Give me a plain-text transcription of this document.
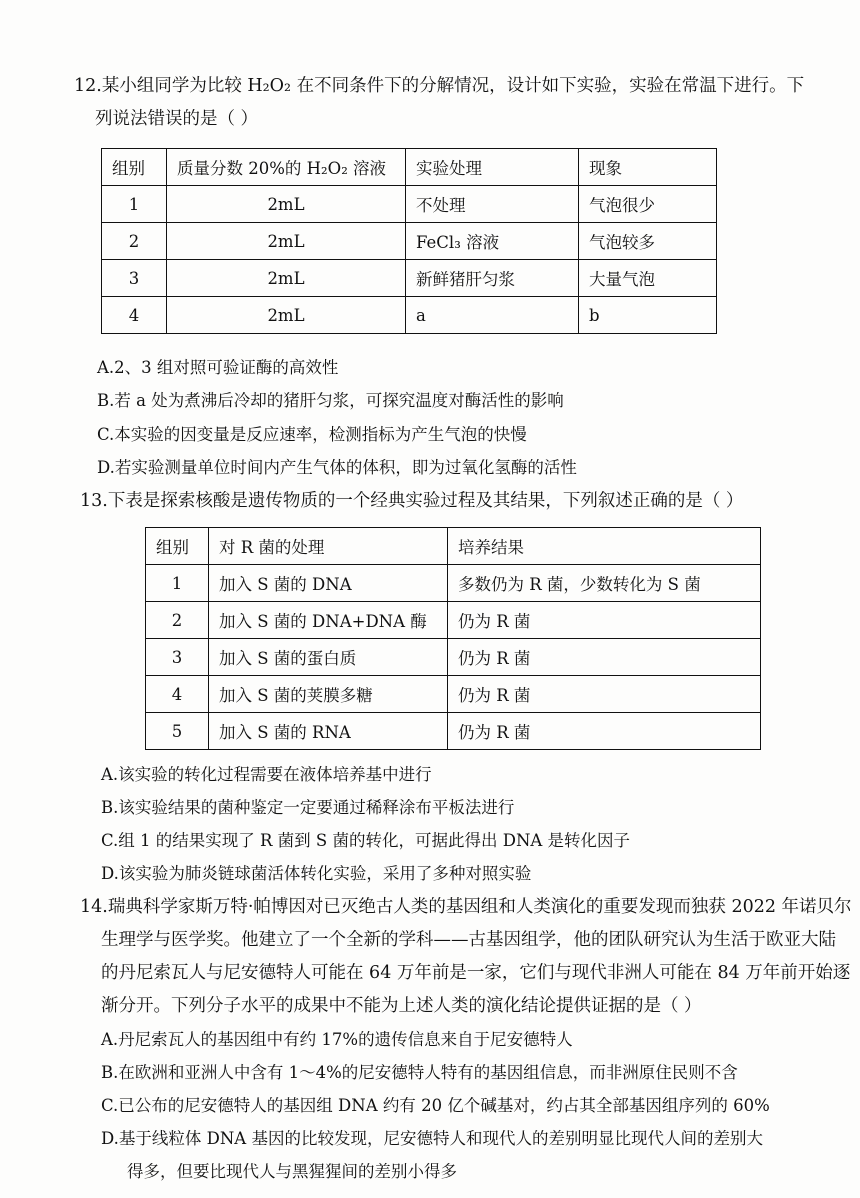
12.某小组同学为比较 H₂O₂ 在不同条件下的分解情况，设计如下实验，实验在常温下进行。下
列说法错误的是（ ）
组别	质量分数 20%的 H₂O₂ 溶液	实验处理	现象
1	2mL	不处理	气泡很少
2	2mL	FeCl₃ 溶液	气泡较多
3	2mL	新鲜猪肝匀浆	大量气泡
4	2mL	a	b
A.2、3 组对照可验证酶的高效性
B.若 a 处为煮沸后冷却的猪肝匀浆，可探究温度对酶活性的影响
C.本实验的因变量是反应速率，检测指标为产生气泡的快慢
D.若实验测量单位时间内产生气体的体积，即为过氧化氢酶的活性
13.下表是探索核酸是遗传物质的一个经典实验过程及其结果，下列叙述正确的是（ ）
组别	对 R 菌的处理	培养结果
1	加入 S 菌的 DNA	多数仍为 R 菌，少数转化为 S 菌
2	加入 S 菌的 DNA+DNA 酶	仍为 R 菌
3	加入 S 菌的蛋白质	仍为 R 菌
4	加入 S 菌的荚膜多糖	仍为 R 菌
5	加入 S 菌的 RNA	仍为 R 菌
A.该实验的转化过程需要在液体培养基中进行
B.该实验结果的菌种鉴定一定要通过稀释涂布平板法进行
C.组 1 的结果实现了 R 菌到 S 菌的转化，可据此得出 DNA 是转化因子
D.该实验为肺炎链球菌活体转化实验，采用了多种对照实验
14.瑞典科学家斯万特·帕博因对已灭绝古人类的基因组和人类演化的重要发现而独获 2022 年诺贝尔
生理学与医学奖。他建立了一个全新的学科——古基因组学，他的团队研究认为生活于欧亚大陆
的丹尼索瓦人与尼安德特人可能在 64 万年前是一家，它们与现代非洲人可能在 84 万年前开始逐
渐分开。下列分子水平的成果中不能为上述人类的演化结论提供证据的是（ ）
A.丹尼索瓦人的基因组中有约 17%的遗传信息来自于尼安德特人
B.在欧洲和亚洲人中含有 1～4%的尼安德特人特有的基因组信息，而非洲原住民则不含
C.已公布的尼安德特人的基因组 DNA 约有 20 亿个碱基对，约占其全部基因组序列的 60%
D.基于线粒体 DNA 基因的比较发现，尼安德特人和现代人的差别明显比现代人间的差别大
得多，但要比现代人与黑猩猩间的差别小得多
